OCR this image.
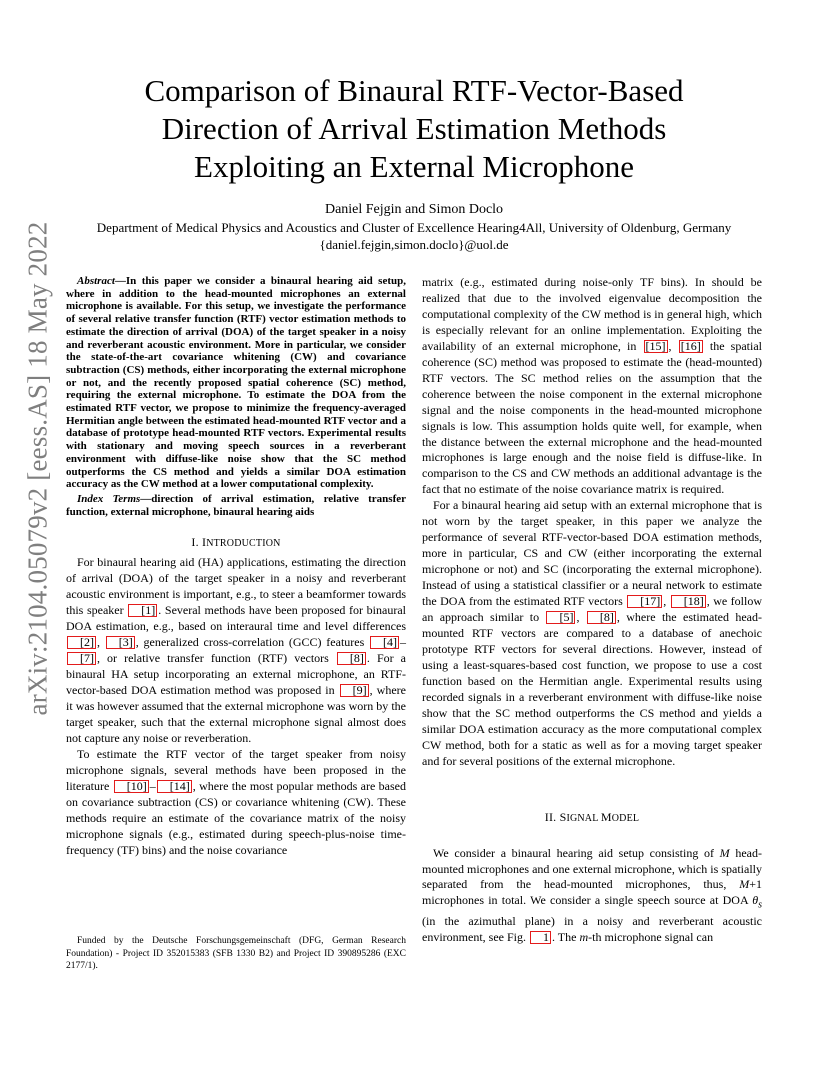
arXiv:2104.05079v2 [eess.AS] 18 May 2022
Comparison of Binaural RTF-Vector-Based Direction of Arrival Estimation Methods Exploiting an External Microphone
Daniel Fejgin and Simon Doclo
Department of Medical Physics and Acoustics and Cluster of Excellence Hearing4All, University of Oldenburg, Germany
{daniel.fejgin,simon.doclo}@uol.de

Abstract—In this paper we consider a binaural hearing aid setup, where in addition to the head-mounted microphones an external microphone is available. For this setup, we investigate the performance of several relative transfer function (RTF) vector estimation methods to estimate the direction of arrival (DOA) of the target speaker in a noisy and reverberant acoustic environment. More in particular, we consider the state-of-the-art covariance whitening (CW) and covariance subtraction (CS) methods, either incorporating the external microphone or not, and the recently proposed spatial coherence (SC) method, requiring the external microphone. To estimate the DOA from the estimated RTF vector, we propose to minimize the frequency-averaged Hermitian angle between the estimated head-mounted RTF vector and a database of prototype head-mounted RTF vectors. Experimental results with stationary and moving speech sources in a reverberant environment with diffuse-like noise show that the SC method outperforms the CS method and yields a similar DOA estimation accuracy as the CW method at a lower computational complexity.

Index Terms—direction of arrival estimation, relative transfer function, external microphone, binaural hearing aids

I. INTRODUCTION

For binaural hearing aid (HA) applications, estimating the direction of arrival (DOA) of the target speaker in a noisy and reverberant acoustic environment is important, e.g., to steer a beamformer towards this speaker [1] . Several methods have been proposed for binaural DOA estimation, e.g., based on interaural time and level differences [2] , [3] , generalized cross-correlation (GCC) features [4] –[7] , or relative transfer function (RTF) vectors [8] . For a binaural HA setup incorporating an external microphone, an RTF-vector-based DOA estimation method was proposed in [9] , where it was however assumed that the external microphone was worn by the target speaker, such that the external microphone signal almost does not capture any noise or reverberation.

To estimate the RTF vector of the target speaker from noisy microphone signals, several methods have been proposed in the literature [10] – [14] , where the most popular methods are based on covariance subtraction (CS) or covariance whitening (CW). These methods require an estimate of the covariance matrix of the noisy microphone signals (e.g., estimated during speech-plus-noise time-frequency (TF) bins) and the noise covariance

Funded by the Deutsche Forschungsgemeinschaft (DFG, German Research Foundation) - Project ID 352015383 (SFB 1330 B2) and Project ID 390895286 (EXC 2177/1).

matrix (e.g., estimated during noise-only TF bins). In should be realized that due to the involved eigenvalue decomposition the computational complexity of the CW method is in general high, which is especially relevant for an online implementation. Exploiting the availability of an external microphone, in [15] , [16] the spatial coherence (SC) method was proposed to estimate the (head-mounted) RTF vectors. The SC method relies on the assumption that the coherence between the noise component in the external microphone signal and the noise components in the head-mounted microphone signals is low. This assumption holds quite well, for example, when the distance between the external microphone and the head-mounted microphones is large enough and the noise field is diffuse-like. In comparison to the CS and CW methods an additional advantage is the fact that no estimate of the noise covariance matrix is required.

For a binaural hearing aid setup with an external microphone that is not worn by the target speaker, in this paper we analyze the performance of several RTF-vector-based DOA estimation methods, more in particular, CS and CW (either incorporating the external microphone or not) and SC (incorporating the external microphone). Instead of using a statistical classifier or a neural network to estimate the DOA from the estimated RTF vectors [17] , [18] , we follow an approach similar to [5] , [8] , where the estimated head-mounted RTF vectors are compared to a database of anechoic prototype RTF vectors for several directions. However, instead of using a least-squares-based cost function, we propose to use a cost function based on the Hermitian angle. Experimental results using recorded signals in a reverberant environment with diffuse-like noise show that the SC method outperforms the CS method and yields a similar DOA estimation accuracy as the more computational complex CW method, both for a static as well as for a moving target speaker and for several positions of the external microphone.

II. SIGNAL MODEL

We consider a binaural hearing aid setup consisting of M head-mounted microphones and one external microphone, which is spatially separated from the head-mounted microphones, thus, M+1 microphones in total. We consider a single speech source at DOA $\theta_s$ (in the azimuthal plane) in a noisy and reverberant acoustic environment, see Fig. 1 . The m-th microphone signal can
